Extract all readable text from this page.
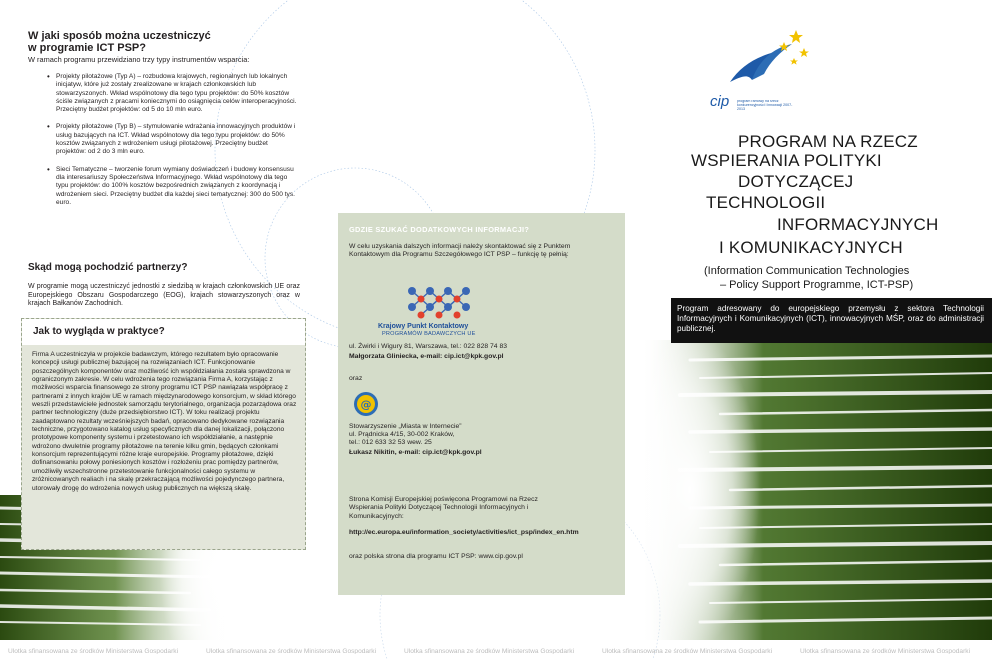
W jaki sposób można uczestniczyć
w programie ICT PSP?
W ramach programu przewidziano trzy typy instrumentów wsparcia:
• Projekty pilotażowe (Typ A) – rozbudowa krajowych, regionalnych lub lokalnych inicjatyw, które już zostały zrealizowane w krajach członkowskich lub stowarzyszonych. Wkład wspólnotowy dla tego typu projektów: do 50% kosztów ściśle związanych z pracami koniecznymi do osiągnięcia celów interoperacyjności. Przeciętny budżet projektów: od 5 do 10 mln euro.
• Projekty pilotażowe (Typ B) – stymulowanie wdrażania innowacyjnych produktów i usług bazujących na ICT. Wkład wspólnotowy dla tego typu projektów: do 50% kosztów związanych z wdrożeniem usługi pilotażowej. Przeciętny budżet projektów: od 2 do 3 mln euro.
• Sieci Tematyczne – tworzenie forum wymiany doświadczeń i budowy konsensusu dla interesariuszy Społeczeństwa Informacyjnego. Wkład wspólnotowy dla tego typu projektów: do 100% kosztów bezpośrednich związanych z koordynacją i wdrożeniem sieci. Przeciętny budżet dla każdej sieci tematycznej: 300 do 500 tys. euro.
Skąd mogą pochodzić partnerzy?
W programie mogą uczestniczyć jednostki z siedzibą w krajach członkowskich UE oraz Europejskiego Obszaru Gospodarczego (EOG), krajach stowarzyszonych oraz w krajach Bałkanów Zachodnich.
Jak to wygląda w praktyce?
Firma A uczestniczyła w projekcie badawczym, którego rezultatem było opracowanie koncepcji usługi publicznej bazującej na rozwiązaniach ICT. Funkcjonowanie poszczególnych komponentów oraz możliwość ich współdziałania została sprawdzona w ograniczonym zakresie. W celu wdrożenia tego rozwiązania Firma A, korzystając z możliwości wsparcia finansowego ze strony programu ICT PSP nawiązała współpracę z partnerami z innych krajów UE w ramach międzynarodowego konsorcjum, w skład którego weszli przedstawiciele jednostek samorządu terytorialnego, organizacja pozarządowa oraz partner technologiczny (duże przedsiębiorstwo ICT). W toku realizacji projektu zaadaptowano rezultaty wcześniejszych badań, opracowano dedykowane rozwiązania techniczne, przygotowano katalog usług specyficznych dla danej lokalizacji, połączono prototypowe komponenty systemu i przetestowano ich współdziałanie, a następnie wdrożono dwuletnie programy pilotażowe na terenie kilku gmin, będących członkami konsorcjum reprezentującymi różne kraje europejskie. Programy pilotażowe, dzięki dofinansowaniu połowy poniesionych kosztów i rozłożeniu prac pomiędzy partnerów, umożliwiły wszechstronne przetestowanie funkcjonalności całego systemu w zróżnicowanych realiach i na skalę przekraczającą możliwości pojedynczego partnera, utorowały drogę do wdrożenia nowych usług publicznych na większą skalę.
GDZIE SZUKAĆ DODATKOWYCH INFORMACJI?
W celu uzyskania dalszych informacji należy skontaktować się z Punktem Kontaktowym dla Programu Szczegółowego ICT PSP – funkcję tę pełnią:
Krajowy Punkt Kontaktowy
PROGRAMÓW BADAWCZYCH UE
ul. Żwirki i Wigury 81, Warszawa, tel.: 022 828 74 83
Małgorzata Gliniecka, e-mail: cip.ict@kpk.gov.pl
oraz
@
Stowarzyszenie „Miasta w Internecie”
ul. Prądnicka 4/15, 30-002 Kraków,
tel.: 012 633 32 53 wew. 25
Łukasz Nikitin, e-mail: cip.ict@kpk.gov.pl
Strona Komisji Europejskiej poświęcona Programowi na Rzecz Wspierania Polityki Dotyczącej Technologii Informacyjnych i Komunikacyjnych:
http://ec.europa.eu/information_society/activities/ict_psp/index_en.htm
oraz polska strona dla programu ICT PSP: www.cip.gov.pl
cip program ramowy na rzecz konkurencyjności i innowacji 2007-2013
PROGRAM NA RZECZ
WSPIERANIA POLITYKI
DOTYCZĄCEJ
TECHNOLOGII
INFORMACYJNYCH
I KOMUNIKACYJNYCH
(Information Communication Technologies
– Policy Support Programme, ICT-PSP)
Program adresowany do europejskiego przemysłu z sektora Technologii Informacyjnych i Komunikacyjnych (ICT), innowacyjnych MŚP, oraz do administracji publicznej.
Ulotka sfinansowana ze środków Ministerstwa Gospodarki	Ulotka sfinansowana ze środków Ministerstwa Gospodarki	Ulotka sfinansowana ze środków Ministerstwa Gospodarki	Ulotka sfinansowana ze środków Ministerstwa Gospodarki	Ulotka sfinansowana ze środków Ministerstwa Gospodarki
